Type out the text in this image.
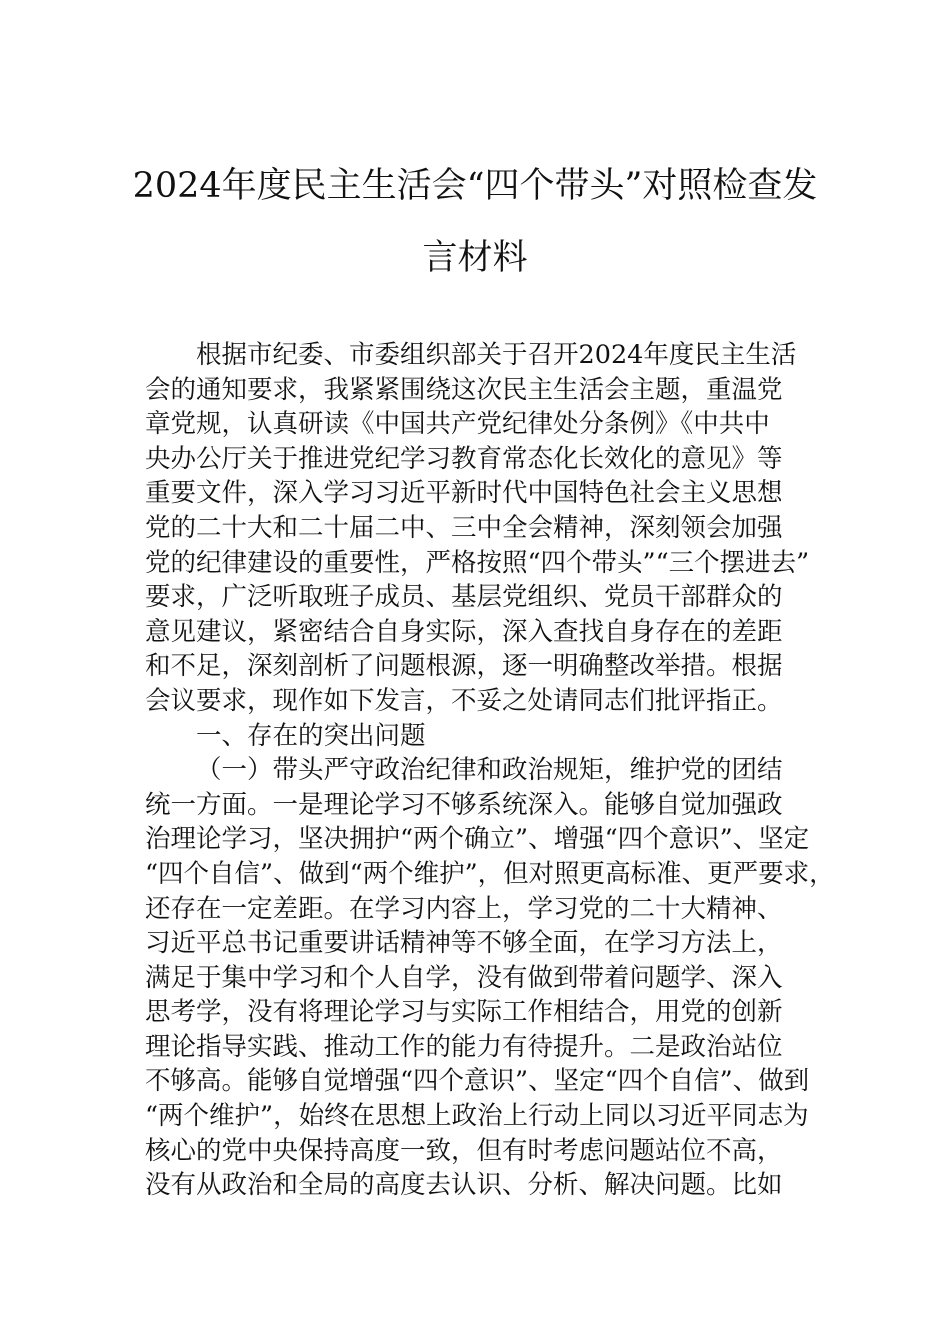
2024年度民主生活会“四个带头”对照检查发
言材料
根据市纪委、市委组织部关于召开2024年度民主生活
会的通知要求，我紧紧围绕这次民主生活会主题，重温党
章党规，认真研读《中国共产党纪律处分条例》《中共中
央办公厅关于推进党纪学习教育常态化长效化的意见》等
重要文件，深入学习习近平新时代中国特色社会主义思想
党的二十大和二十届二中、三中全会精神，深刻领会加强
党的纪律建设的重要性，严格按照“四个带头”“三个摆进去”
要求，广泛听取班子成员、基层党组织、党员干部群众的
意见建议，紧密结合自身实际，深入查找自身存在的差距
和不足，深刻剖析了问题根源，逐一明确整改举措。根据
会议要求，现作如下发言，不妥之处请同志们批评指正。
一、存在的突出问题
（一）带头严守政治纪律和政治规矩，维护党的团结
统一方面。一是理论学习不够系统深入。能够自觉加强政
治理论学习，坚决拥护“两个确立”、增强“四个意识”、坚定
“四个自信”、做到“两个维护”，但对照更高标准、更严要求，
还存在一定差距。在学习内容上，学习党的二十大精神、
习近平总书记重要讲话精神等不够全面，在学习方法上，
满足于集中学习和个人自学，没有做到带着问题学、深入
思考学，没有将理论学习与实际工作相结合，用党的创新
理论指导实践、推动工作的能力有待提升。二是政治站位
不够高。能够自觉增强“四个意识”、坚定“四个自信”、做到
“两个维护”，始终在思想上政治上行动上同以习近平同志为
核心的党中央保持高度一致，但有时考虑问题站位不高，
没有从政治和全局的高度去认识、分析、解决问题。比如
